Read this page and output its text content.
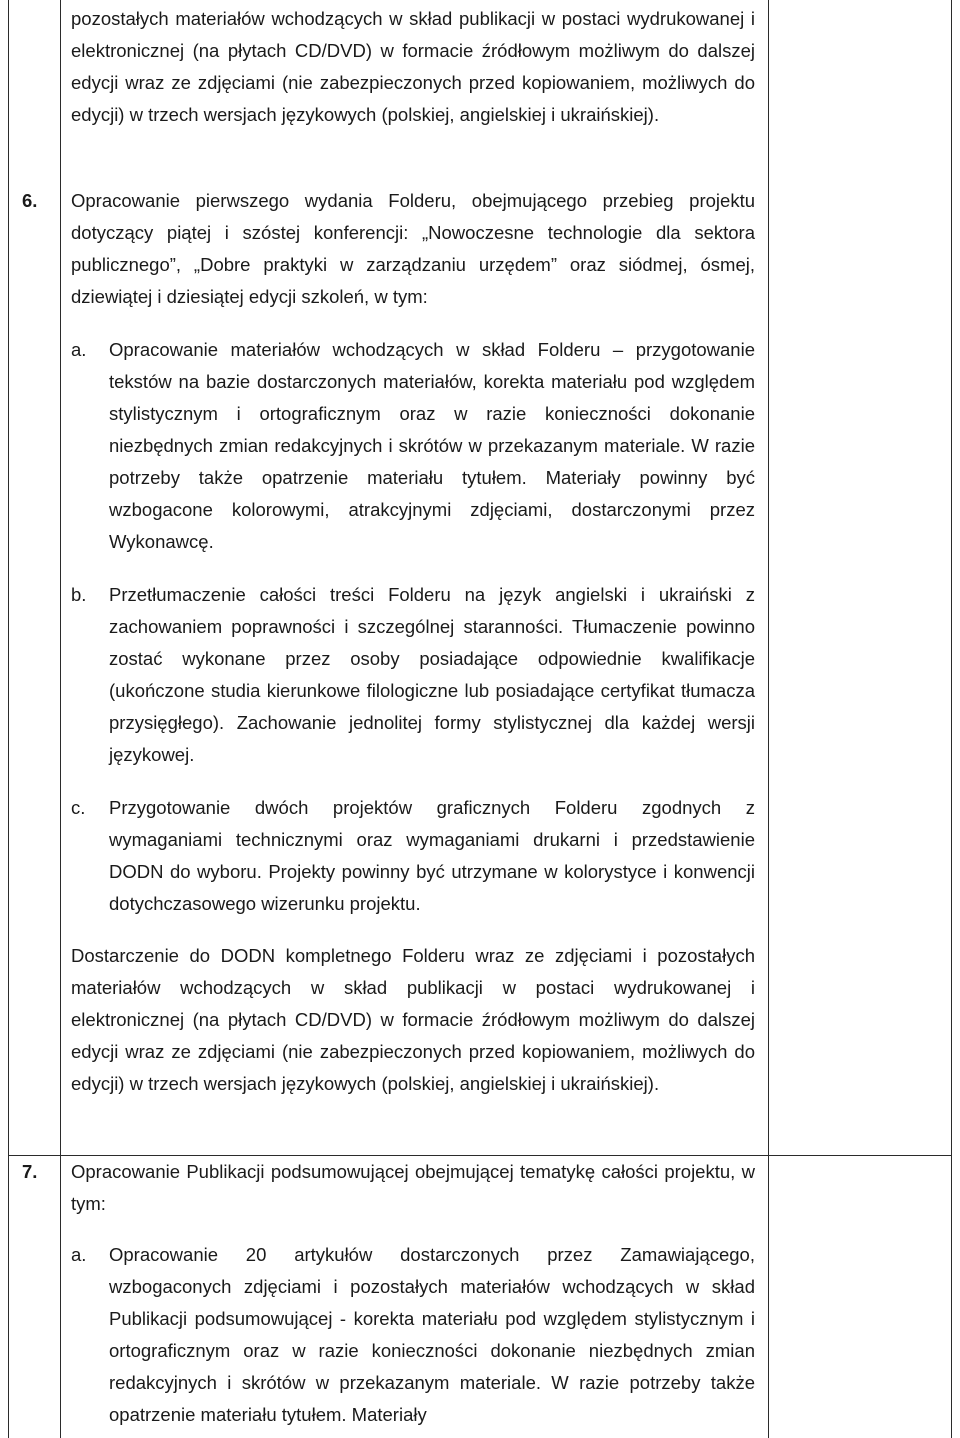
pozostałych materiałów wchodzących w skład publikacji w postaci wydrukowanej i elektronicznej (na płytach CD/DVD) w formacie źródłowym możliwym do dalszej edycji wraz ze zdjęciami (nie zabezpieczonych przed kopiowaniem, możliwych do edycji) w trzech wersjach językowych (polskiej, angielskiej i ukraińskiej).
6.	Opracowanie pierwszego wydania Folderu, obejmującego przebieg projektu dotyczący piątej i szóstej konferencji: „Nowoczesne technologie dla sektora publicznego”, „Dobre praktyki w zarządzaniu urzędem” oraz siódmej, ósmej, dziewiątej i dziesiątej edycji szkoleń, w tym:
a.	Opracowanie materiałów wchodzących w skład Folderu – przygotowanie tekstów na bazie dostarczonych materiałów, korekta materiału pod względem stylistycznym i ortograficznym oraz w razie konieczności dokonanie niezbędnych zmian redakcyjnych i skrótów w przekazanym materiale. W razie potrzeby także opatrzenie materiału tytułem. Materiały powinny być wzbogacone kolorowymi, atrakcyjnymi zdjęciami, dostarczonymi przez Wykonawcę.
b.	Przetłumaczenie całości treści Folderu na język angielski i ukraiński z zachowaniem poprawności i szczególnej staranności. Tłumaczenie powinno zostać wykonane przez osoby posiadające odpowiednie kwalifikacje (ukończone studia kierunkowe filologiczne lub posiadające certyfikat tłumacza przysięgłego). Zachowanie jednolitej formy stylistycznej dla każdej wersji językowej.
c.	Przygotowanie dwóch projektów graficznych Folderu zgodnych z wymaganiami technicznymi oraz wymaganiami drukarni i przedstawienie DODN do wyboru. Projekty powinny być utrzymane w kolorystyce i konwencji dotychczasowego wizerunku projektu.
Dostarczenie do DODN kompletnego Folderu wraz ze zdjęciami i pozostałych materiałów wchodzących w skład publikacji w postaci wydrukowanej i elektronicznej (na płytach CD/DVD) w formacie źródłowym możliwym do dalszej edycji wraz ze zdjęciami (nie zabezpieczonych przed kopiowaniem, możliwych do edycji) w trzech wersjach językowych (polskiej, angielskiej i ukraińskiej).
7.	Opracowanie Publikacji podsumowującej obejmującej tematykę całości projektu, w tym:
a.	Opracowanie 20 artykułów dostarczonych przez Zamawiającego, wzbogaconych zdjęciami i pozostałych materiałów wchodzących w skład Publikacji podsumowującej - korekta materiału pod względem stylistycznym i ortograficznym oraz w razie konieczności dokonanie niezbędnych zmian redakcyjnych i skrótów w przekazanym materiale. W razie potrzeby także opatrzenie materiału tytułem. Materiały
